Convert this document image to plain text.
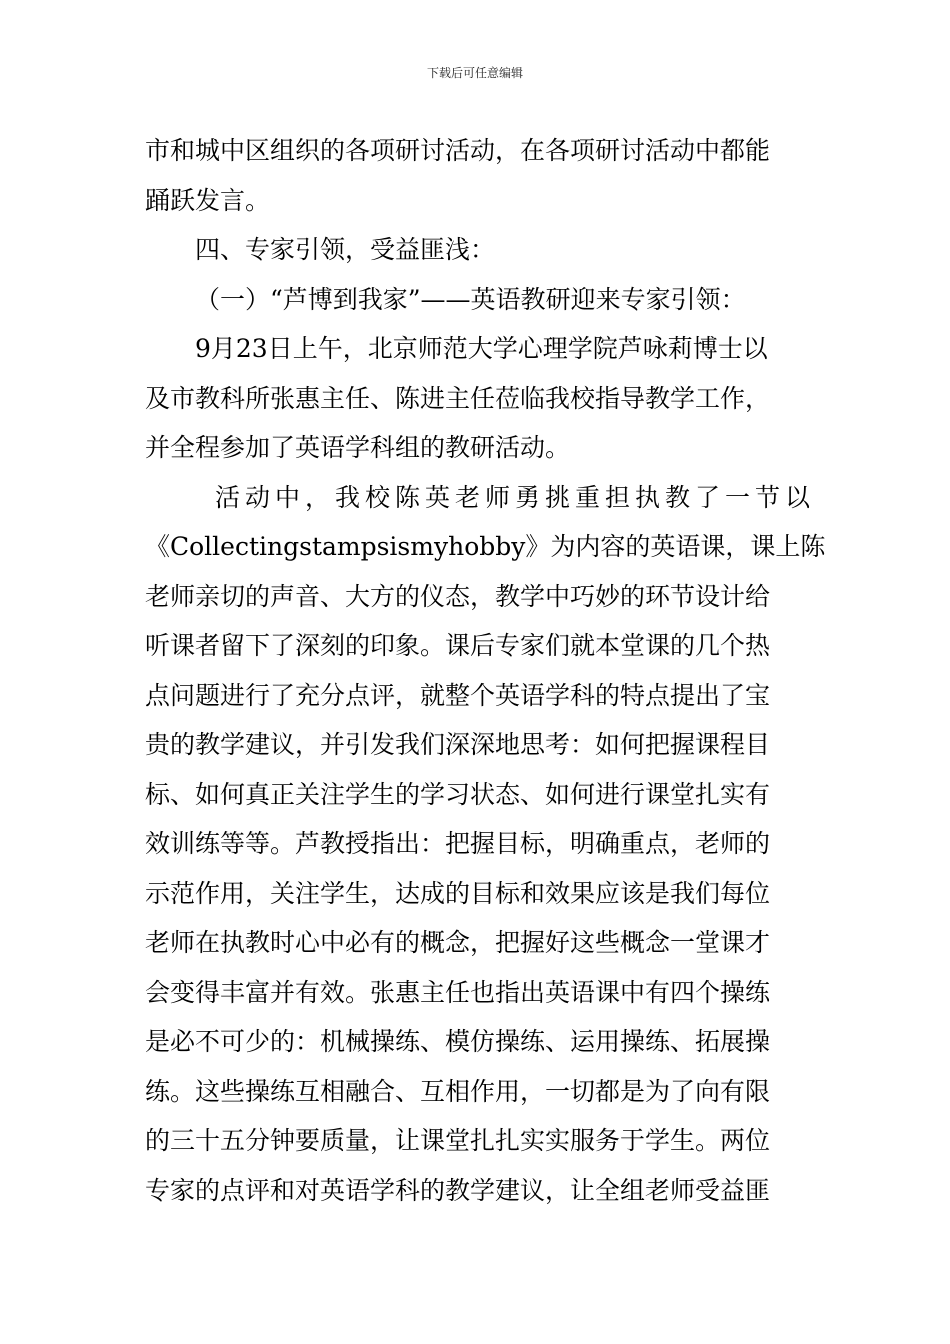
下载后可任意编辑
市和城中区组织的各项研讨活动，在各项研讨活动中都能
踊跃发言。
四、专家引领，受益匪浅：
（一）“芦博到我家”——英语教研迎来专家引领：
9月23日上午，北京师范大学心理学院芦咏莉博士以
及市教科所张惠主任、陈进主任莅临我校指导教学工作，
并全程参加了英语学科组的教研活动。
活动中，我校陈英老师勇挑重担执教了一节以
《Collectingstampsismyhobby》为内容的英语课，课上陈
老师亲切的声音、大方的仪态，教学中巧妙的环节设计给
听课者留下了深刻的印象。课后专家们就本堂课的几个热
点问题进行了充分点评，就整个英语学科的特点提出了宝
贵的教学建议，并引发我们深深地思考：如何把握课程目
标、如何真正关注学生的学习状态、如何进行课堂扎实有
效训练等等。芦教授指出：把握目标，明确重点，老师的
示范作用，关注学生，达成的目标和效果应该是我们每位
老师在执教时心中必有的概念，把握好这些概念一堂课才
会变得丰富并有效。张惠主任也指出英语课中有四个操练
是必不可少的：机械操练、模仿操练、运用操练、拓展操
练。这些操练互相融合、互相作用，一切都是为了向有限
的三十五分钟要质量，让课堂扎扎实实服务于学生。两位
专家的点评和对英语学科的教学建议，让全组老师受益匪
